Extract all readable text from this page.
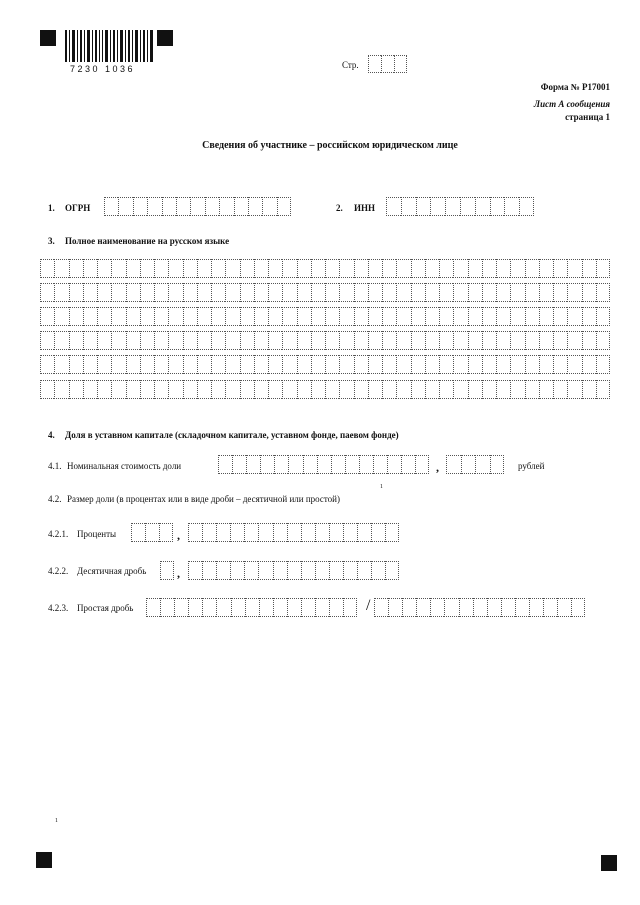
7230 1036	Стр.
Форма № Р17001
Лист А сообщения
страница 1
Сведения об участнике – российском юридическом лице
1. ОГРН	2. ИНН
3. Полное наименование на русском языке
4. Доля в уставном капитале (складочном капитале, уставном фонде, паевом фонде)
4.1. Номинальная стоимость доли	,	рублей
4.2. Размер доли (в процентах или в виде дроби – десятичной или простой)
1
4.2.1. Проценты	,
4.2.2. Десятичная дробь	,
4.2.3. Простая дробь	/
1
